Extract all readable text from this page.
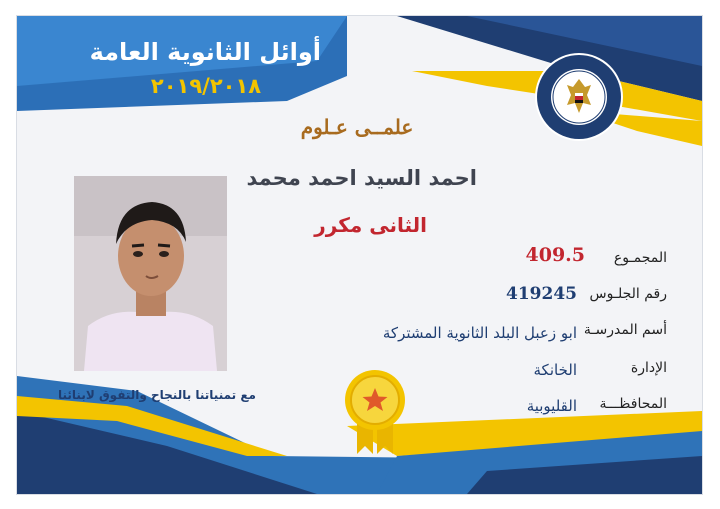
أوائل الثانوية العامة
٢٠١٩/٢٠١٨
علمــى عـلوم
احمد السيد احمد محمد
الثانى مكرر
المجمـوع
رقم الجلـوس
أسم المدرسـة
الإدارة
المحافظـــة
409.5
419245
ابو زعبل البلد الثانوية المشتركة
الخانكة
القليوبية
مع تمنياتنا بالنجاح والتفوق لابنائنا
